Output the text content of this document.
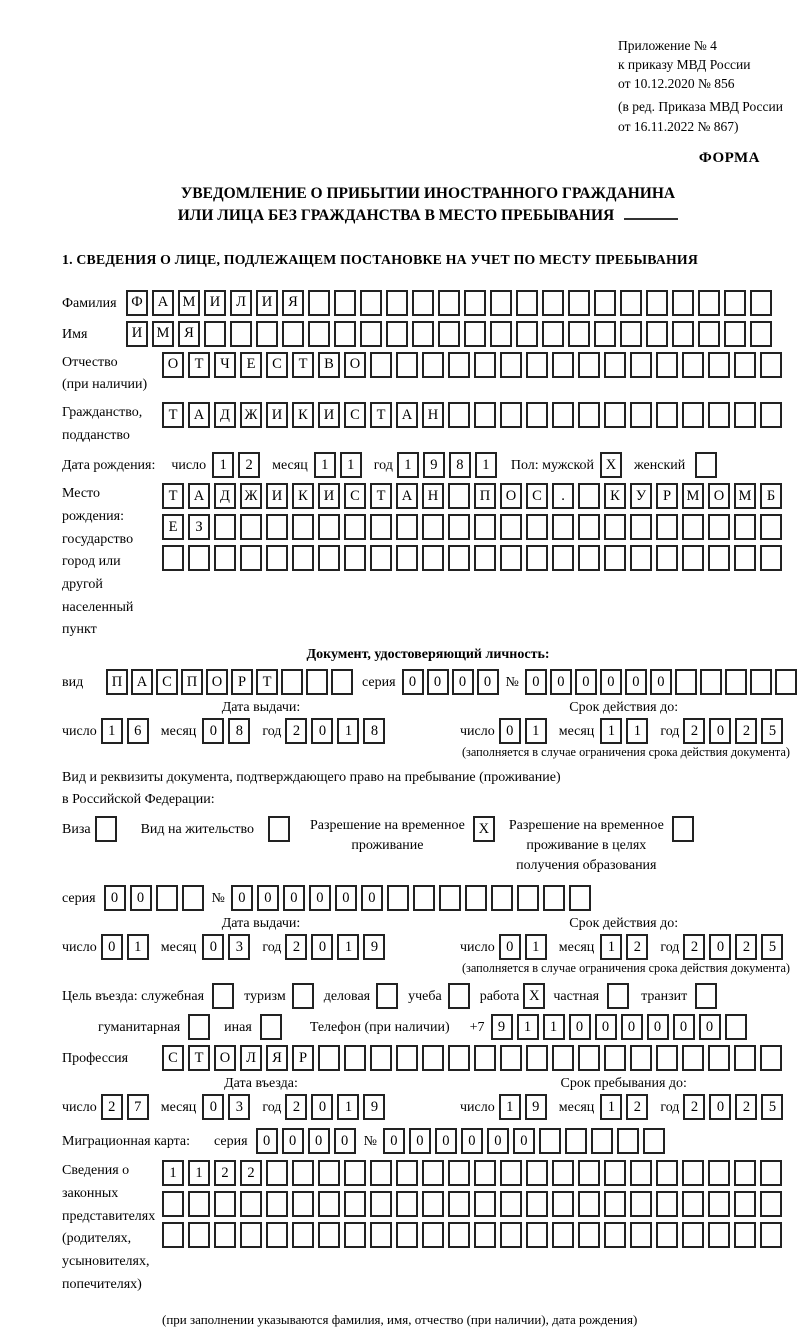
Приложение № 4
к приказу МВД России
от 10.12.2020 № 856
(в ред. Приказа МВД России
от 16.11.2022 № 867)
ФОРМА
УВЕДОМЛЕНИЕ О ПРИБЫТИИ ИНОСТРАННОГО ГРАЖДАНИНА
ИЛИ ЛИЦА БЕЗ ГРАЖДАНСТВА В МЕСТО ПРЕБЫВАНИЯ
1. СВЕДЕНИЯ О ЛИЦЕ, ПОДЛЕЖАЩЕМ ПОСТАНОВКЕ НА УЧЕТ ПО МЕСТУ ПРЕБЫВАНИЯ
Фамилия	Ф	А М И	Л	И	Я
Имя	И М	Я
Отчество
(при наличии)
О	Т	Ч	Е	С	Т	В	О
Гражданство,
подданство
Т	А	Д	Ж И	К	И	С	Т	А	Н
Дата рождения: число 1	2	месяц 1	1	год 1	9	8	1	Пол: мужской X	женский
Место рождения:
государство
город или другой
населенный пункт
Т	А	Д	Ж И	К	И	С	Т	А	Н	П	О	С	.	К	У	Р	М О М	Б
Е	З
Документ, удостоверяющий личность:
вид	П	А	С	П	О	Р	Т	серия 0	0	0	0	№ 0	0	0	0	0	0
Дата выдачи:
число 1	6	месяц 0	8	год 2	0	1	8
Срок действия до:
число 0	1	месяц 1	1	год 2	0	2	5
(заполняется в случае ограничения срока действия документа)
Вид и реквизиты документа, подтверждающего право на пребывание (проживание)
в Российской Федерации:
Виза	Вид на жительство	Разрешение на временное
проживание
X	Разрешение на временное
проживание в целях
получения образования
серия	0	0	№ 0	0	0	0	0	0
Дата выдачи:
число 0	1	месяц 0	3	год 2	0	1	9
Срок действия до:
число 0	1	месяц 1	2	год 2	0	2	5
(заполняется в случае ограничения срока действия документа)
Цель въезда: служебная	туризм	деловая	учеба	работа X частная	транзит
гуманитарная	иная	Телефон (при наличии) +7 9	1	1	0	0	0	0	0	0
Профессия	С	Т	О	Л	Я	Р
Дата въезда:
число 2	7	месяц 0	3	год 2	0	1	9
Срок пребывания до:
число 1	9	месяц 1	2	год 2	0	2	5
Миграционная карта: серия	0	0	0	0	№ 0	0	0	0	0	0
Сведения о
законных
представителях
(родителях,
усыновителях,
попечителях)
1	1	2	2
(при заполнении указываются фамилия, имя, отчество (при наличии), дата рождения)
